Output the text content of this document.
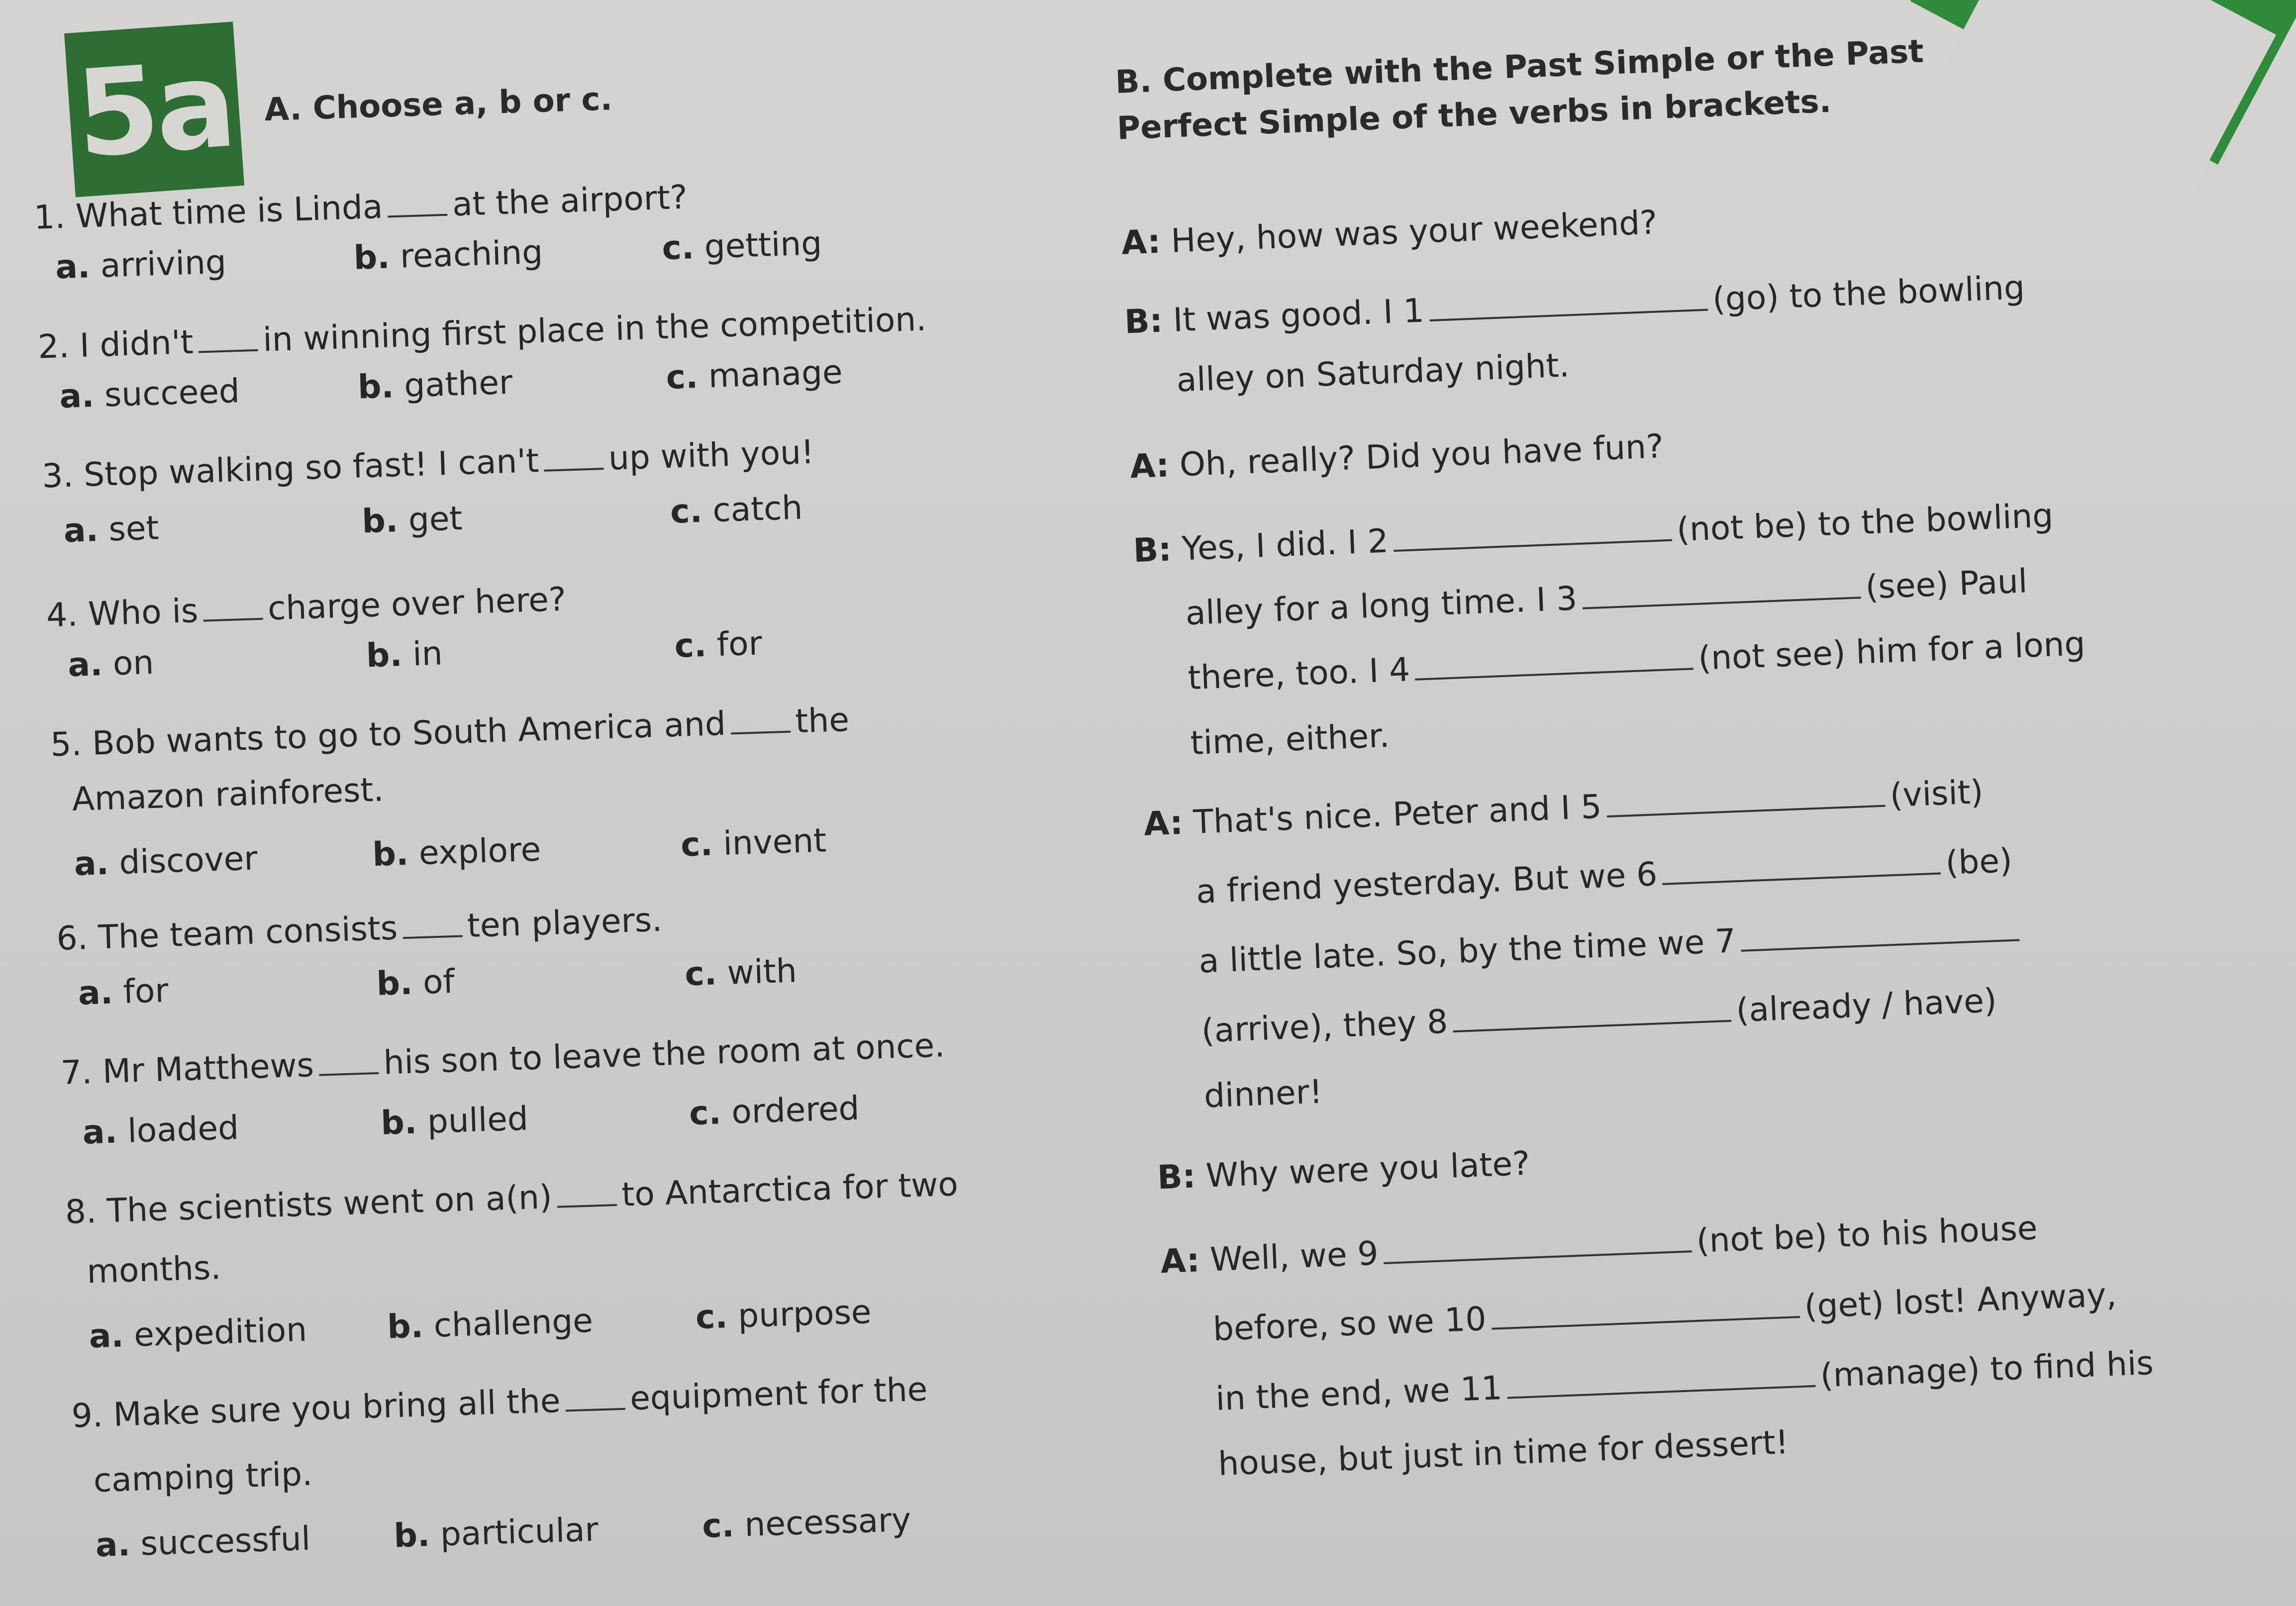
5a A. Choose a, b or c.
1. What time is Linda at the airport?
a. arriving	b. reaching	c. getting
2. I didn't in winning first place in the competition.
a. succeed	b. gather	c. manage
3. Stop walking so fast! I can't up with you!
a. set	b. get	c. catch
4. Who is charge over here?
a. on	b. in	c. for
5. Bob wants to go to South America and the
Amazon rainforest.
a. discover	b. explore	c. invent
6. The team consists ten players.
a. for	b. of	c. with
7. Mr Matthews his son to leave the room at once.
a. loaded	b. pulled	c. ordered
8. The scientists went on a(n) to Antarctica for two
months.
a. expedition b. challenge	c. purpose
9. Make sure you bring all the equipment for the
camping trip.
a. successful	b. particular	c. necessary
B. Complete with the Past Simple or the Past
Perfect Simple of the verbs in brackets.
A: Hey, how was your weekend?
B: It was good. I 1	(go) to the bowling
alley on Saturday night.
A: Oh, really? Did you have fun?
B: Yes, I did. I 2	(not be) to the bowling
alley for a long time. I 3	(see) Paul
there, too. I 4	(not see) him for a long
time, either.
A: That's nice. Peter and I 5	(visit)
a friend yesterday. But we 6	(be)
a little late. So, by the time we 7
(arrive), they 8	(already / have)
dinner!
B: Why were you late?
A: Well, we 9	(not be) to his house
before, so we 10	(get) lost! Anyway,
in the end, we 11	(manage) to find his
house, but just in time for dessert!
